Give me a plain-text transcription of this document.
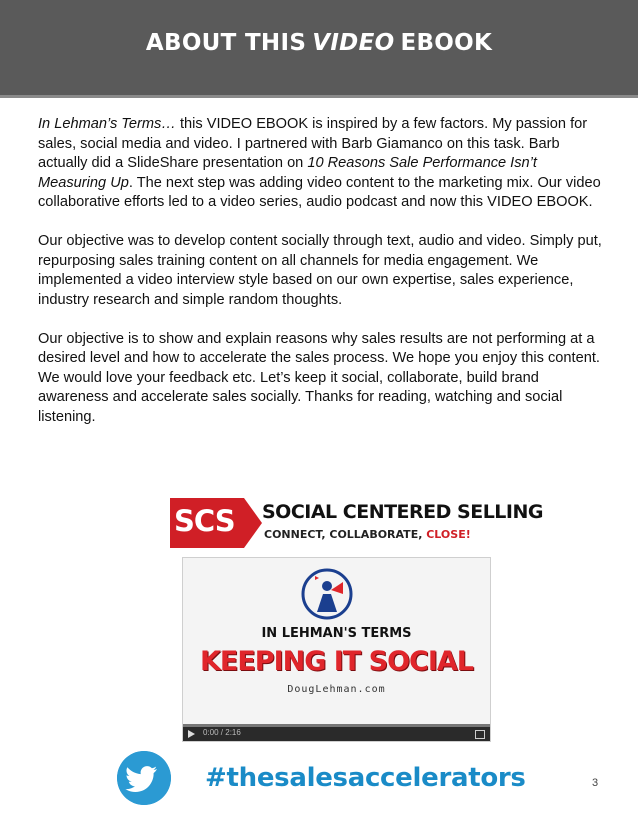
ABOUT THIS VIDEO EBOOK

In Lehman’s Terms… this VIDEO EBOOK is inspired by a few factors. My passion for sales, social media and video. I partnered with Barb Giamanco on this task. Barb actually did a SlideShare presentation on 10 Reasons Sale Performance Isn’t Measuring Up. The next step was adding video content to the marketing mix. Our video collaborative efforts led to a video series, audio podcast and now this VIDEO EBOOK.

Our objective was to develop content socially through text, audio and video. Simply put, repurposing sales training content on all channels for media engagement. We implemented a video interview style based on our own expertise, sales experience, industry research and simple random thoughts.

Our objective is to show and explain reasons why sales results are not performing at a desired level and how to accelerate the sales process. We hope you enjoy this content. We would love your feedback etc. Let’s keep it social, collaborate, build brand awareness and accelerate sales socially. Thanks for reading, watching and social listening.

SCS SOCIAL CENTERED SELLING
CONNECT, COLLABORATE, CLOSE!
IN LEHMAN'S TERMS
KEEPING IT SOCIAL
DougLehman.com
0:00 / 2:16
#thesalesaccelerators	3
